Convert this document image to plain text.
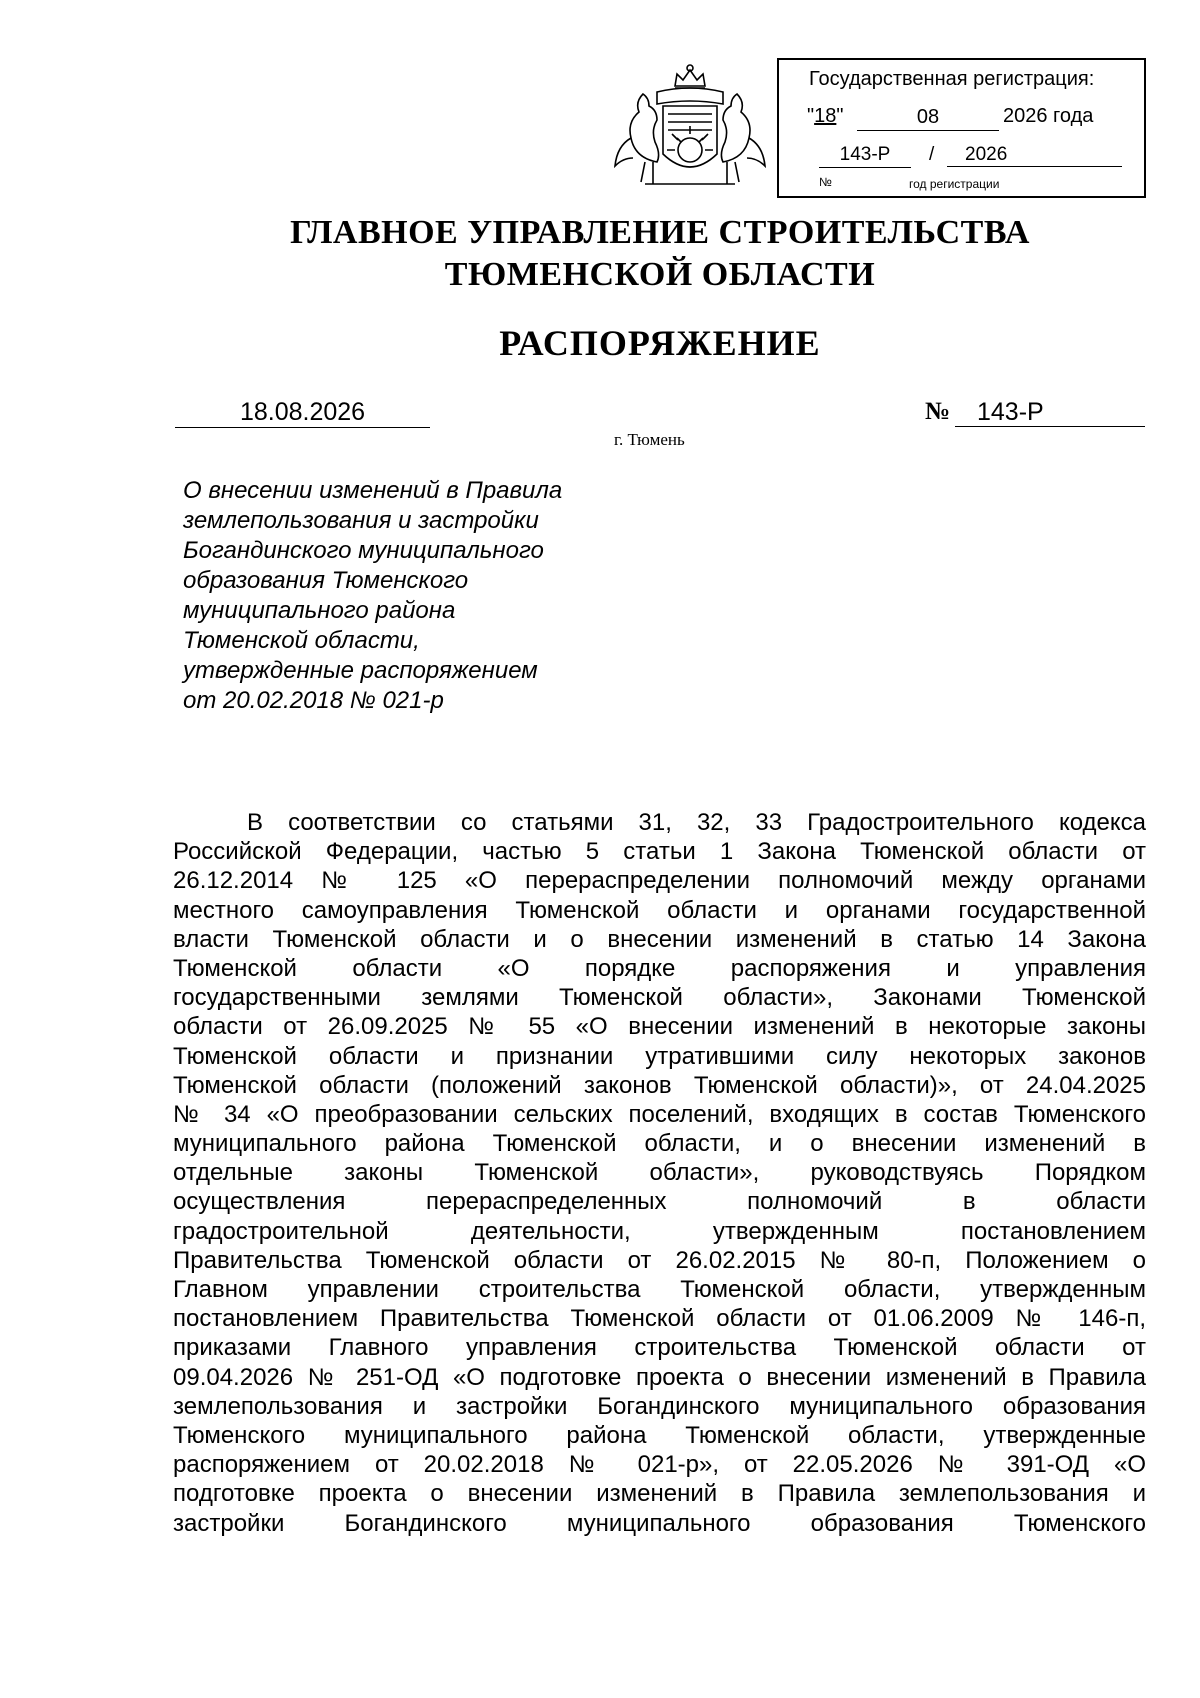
Государственная регистрация:
"18"	08	2026 года
143-Р	/	2026
№	год регистрации
ГЛАВНОЕ УПРАВЛЕНИЕ СТРОИТЕЛЬСТВА
ТЮМЕНСКОЙ ОБЛАСТИ
РАСПОРЯЖЕНИЕ
18.08.2026	№	143-Р
г. Тюмень
О внесении изменений в Правила
землепользования и застройки
Богандинского муниципального
образования Тюменского
муниципального района
Тюменской области,
утвержденные распоряжением
от 20.02.2018 № 021-р
В соответствии со статьями 31, 32, 33 Градостроительного кодекса
Российской Федерации, частью 5 статьи 1 Закона Тюменской области от
26.12.2014 № 125 «О перераспределении полномочий между органами
местного самоуправления Тюменской области и органами государственной
власти Тюменской области и о внесении изменений в статью 14 Закона
Тюменской области «О порядке распоряжения и управления
государственными землями Тюменской области», Законами Тюменской
области от 26.09.2025 № 55 «О внесении изменений в некоторые законы
Тюменской области и признании утратившими силу некоторых законов
Тюменской области (положений законов Тюменской области)», от 24.04.2025
№ 34 «О преобразовании сельских поселений, входящих в состав Тюменского
муниципального района Тюменской области, и о внесении изменений в
отдельные законы Тюменской области», руководствуясь Порядком
осуществления перераспределенных полномочий в области
градостроительной деятельности, утвержденным постановлением
Правительства Тюменской области от 26.02.2015 № 80-п, Положением о
Главном управлении строительства Тюменской области, утвержденным
постановлением Правительства Тюменской области от 01.06.2009 № 146-п,
приказами Главного управления строительства Тюменской области от
09.04.2026 № 251-ОД «О подготовке проекта о внесении изменений в Правила
землепользования и застройки Богандинского муниципального образования
Тюменского муниципального района Тюменской области, утвержденные
распоряжением от 20.02.2018 № 021-р», от 22.05.2026 № 391-ОД «О
подготовке проекта о внесении изменений в Правила землепользования и
застройки Богандинского муниципального образования Тюменского
